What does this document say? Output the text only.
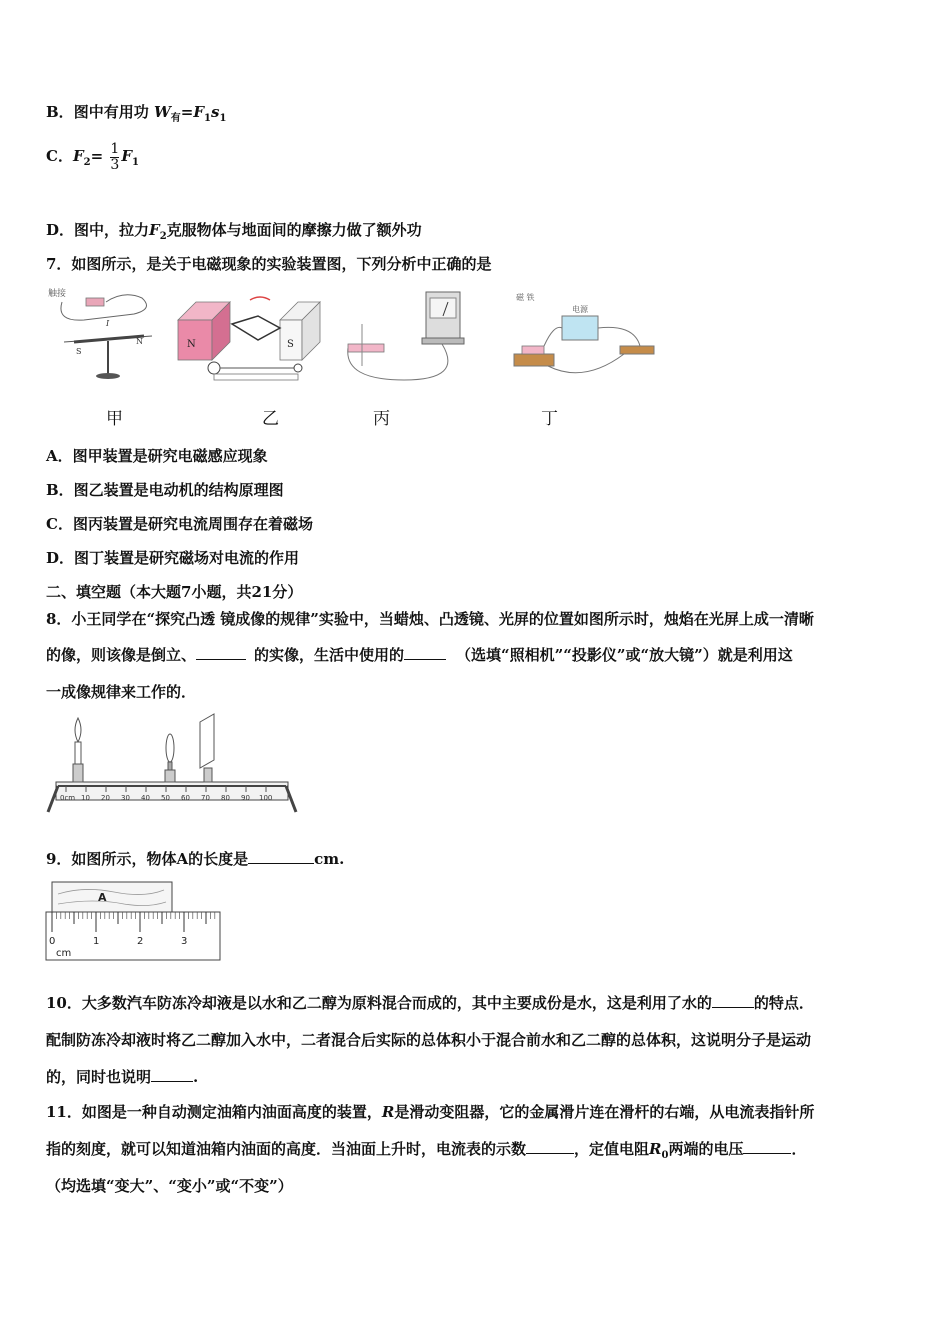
B．图中有用功 $W_有=F_1s_1$
C．$F_2= \frac{1}{3} F_1$
D．图中，拉力$F_2$克服物体与地面间的摩擦力做了额外功
7．如图所示，是关于电磁现象的实验装置图，下列分析中正确的是
触接
S
N
I
N	S
磁 铁
电源
甲	乙	丙	丁
A．图甲装置是研究电磁感应现象
B．图乙装置是电动机的结构原理图
C．图丙装置是研究电流周围存在着磁场
D．图丁装置是研究磁场对电流的作用
二、填空题（本大题7小题，共21分）
8．小王同学在“探究凸透 镜成像的规律”实验中，当蜡烛、凸透镜、光屏的位置如图所示时，烛焰在光屏上成一清晰
的像，则该像是倒立、	的实像，生活中使用的	（选填“照相机”“投影仪”或“放大镜”）就是利用这
一成像规律来工作的．
0cm 10 20 30 40 50 60 70 80 90 100
9．如图所示，物体A的长度是	cm.
A
0	1	2	3
cm
10．大多数汽车防冻冷却液是以水和乙二醇为原料混合而成的，其中主要成份是水，这是利用了水的	的特点．
配制防冻冷却液时将乙二醇加入水中，二者混合后实际的总体积小于混合前水和乙二醇的总体积，这说明分子是运动
的，同时也说明	.
11．如图是一种自动测定油箱内油面高度的装置，R是滑动变阻器，它的金属滑片连在滑杆的右端，从电流表指针所
指的刻度，就可以知道油箱内油面的高度．当油面上升时，电流表的示数	，定值电阻$R_0$两端的电压	．
（均选填“变大”、“变小”或“不变”）
